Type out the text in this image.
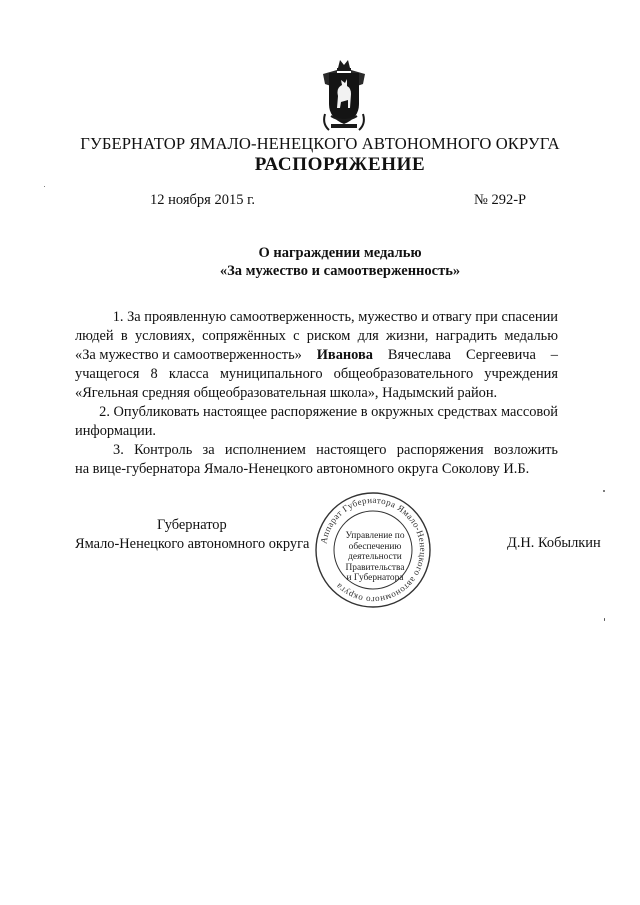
ГУБЕРНАТОР ЯМАЛО-НЕНЕЦКОГО АВТОНОМНОГО ОКРУГА
РАСПОРЯЖЕНИЕ
12 ноября 2015 г.	№ 292-Р
О награждении медалью
«За мужество и самоотверженность»
1. За проявленную самоотверженность, мужество и отвагу при спасении
людей в условиях, сопряжённых с риском для жизни, наградить медалью
«За мужество и самоотверженность» Иванова Вячеслава Сергеевича –
учащегося 8 класса муниципального общеобразовательного учреждения
«Ягельная средняя общеобразовательная школа», Надымский район.
2. Опубликовать настоящее распоряжение в окружных средствах массовой
информации.
3. Контроль за исполнением настоящего распоряжения возложить
на вице-губернатора Ямало-Ненецкого автономного округа Соколову И.Б.
Губернатор
Ямало-Ненецкого автономного округа Аппарат Губернатора Ямало-Ненецкого автономного округа
Управление по
обеспечению
деятельности
Правительства
и Губернатора
Д.Н. Кобылкин
